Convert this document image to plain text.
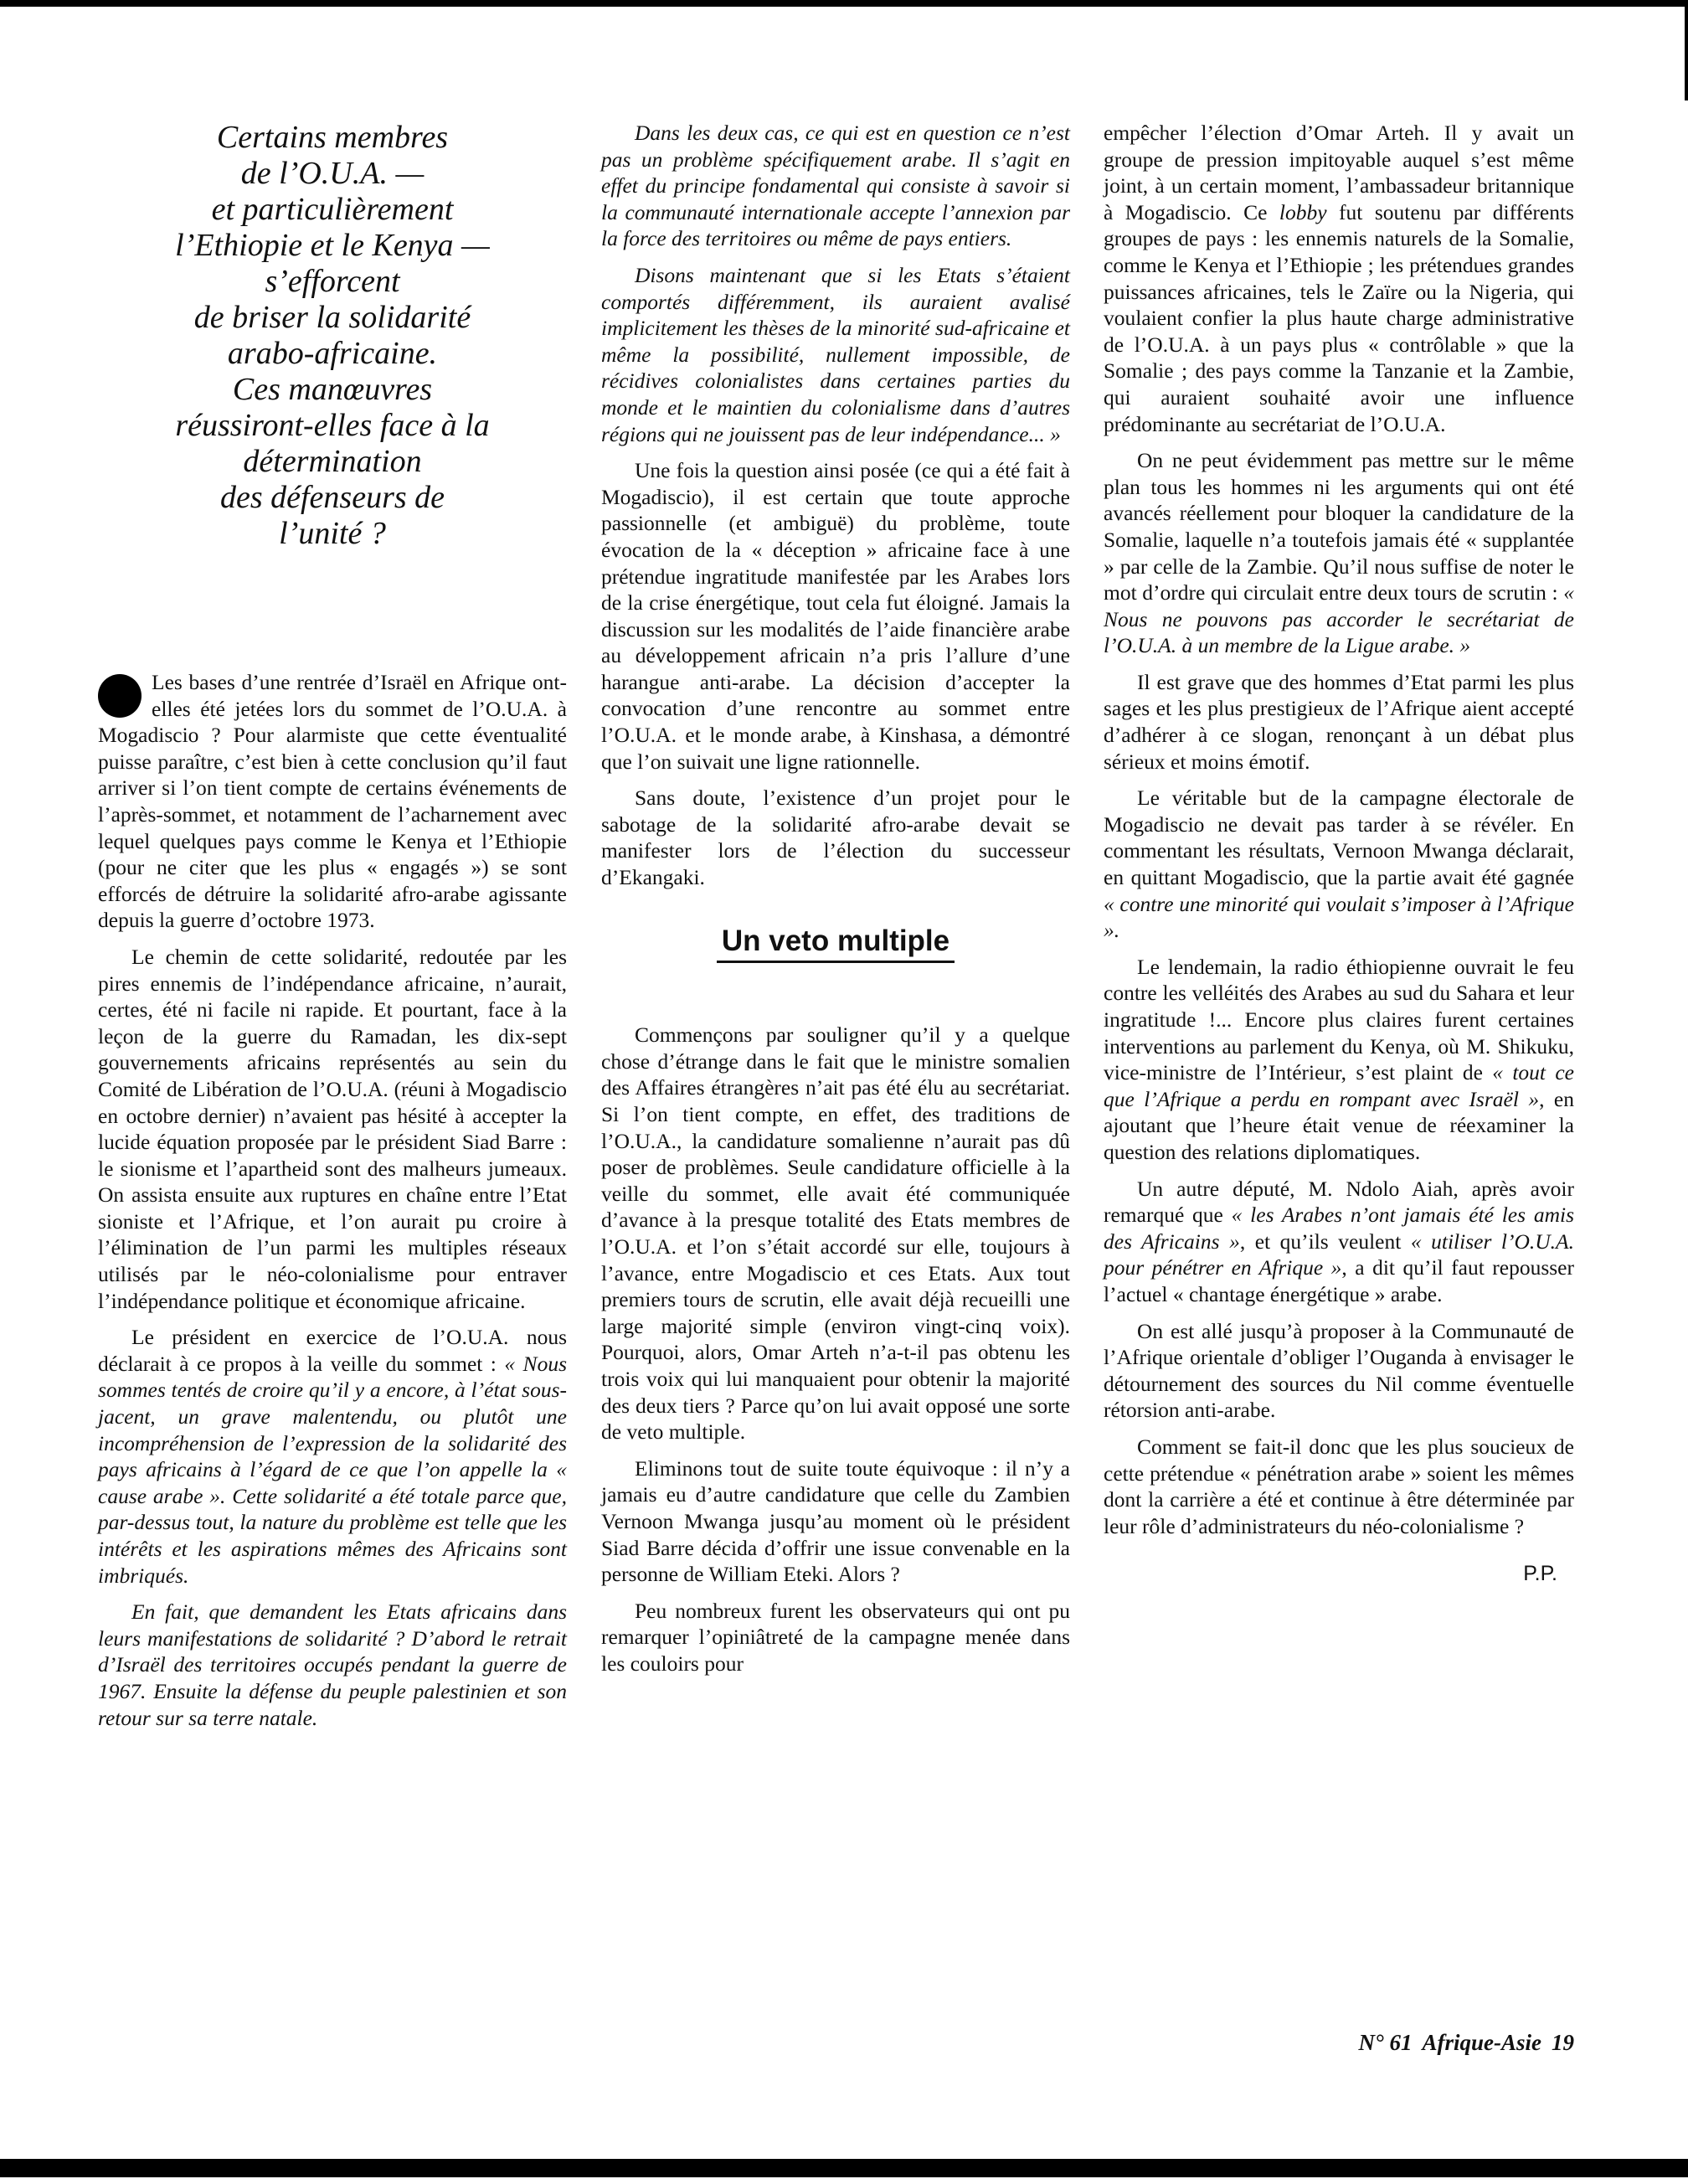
Certains membres
de l’O.U.A. —
et particulièrement
l’Ethiopie et le Kenya —
s’efforcent
de briser la solidarité
arabo-africaine.
Ces manœuvres
réussiront-elles face à la
détermination
des défenseurs de
l’unité ?

Les bases d’une rentrée d’Israël en Afrique ont-elles été jetées lors du sommet de l’O.U.A. à Mogadiscio ? Pour alarmiste que cette éventualité puisse paraître, c’est bien à cette conclusion qu’il faut arriver si l’on tient compte de certains événements de l’après-sommet, et notamment de l’acharnement avec lequel quelques pays comme le Kenya et l’Ethiopie (pour ne citer que les plus « engagés ») se sont efforcés de détruire la solidarité afro-arabe agissante depuis la guerre d’octobre 1973.

Le chemin de cette solidarité, redoutée par les pires ennemis de l’indépendance africaine, n’aurait, certes, été ni facile ni rapide. Et pourtant, face à la leçon de la guerre du Ramadan, les dix-sept gouvernements africains représentés au sein du Comité de Libération de l’O.U.A. (réuni à Mogadiscio en octobre dernier) n’avaient pas hésité à accepter la lucide équation proposée par le président Siad Barre : le sionisme et l’apartheid sont des malheurs jumeaux. On assista ensuite aux ruptures en chaîne entre l’Etat sioniste et l’Afrique, et l’on aurait pu croire à l’élimination de l’un parmi les multiples réseaux utilisés par le néo-colonialisme pour entraver l’indépendance politique et économique africaine.

Le président en exercice de l’O.U.A. nous déclarait à ce propos à la veille du sommet : « Nous sommes tentés de croire qu’il y a encore, à l’état sous-jacent, un grave malentendu, ou plutôt une incompréhension de l’expression de la solidarité des pays africains à l’égard de ce que l’on appelle la « cause arabe ». Cette solidarité a été totale parce que, par-dessus tout, la nature du problème est telle que les intérêts et les aspirations mêmes des Africains sont imbriqués.

En fait, que demandent les Etats africains dans leurs manifestations de solidarité ? D’abord le retrait d’Israël des territoires occupés pendant la guerre de 1967. Ensuite la défense du peuple palestinien et son retour sur sa terre natale.

Dans les deux cas, ce qui est en question ce n’est pas un problème spécifiquement arabe. Il s’agit en effet du principe fondamental qui consiste à savoir si la communauté internationale accepte l’annexion par la force des territoires ou même de pays entiers.

Disons maintenant que si les Etats s’étaient comportés différemment, ils auraient avalisé implicitement les thèses de la minorité sud-africaine et même la possibilité, nullement impossible, de récidives colonialistes dans certaines parties du monde et le maintien du colonialisme dans d’autres régions qui ne jouissent pas de leur indépendance... »

Une fois la question ainsi posée (ce qui a été fait à Mogadiscio), il est certain que toute approche passionnelle (et ambiguë) du problème, toute évocation de la « déception » africaine face à une prétendue ingratitude manifestée par les Arabes lors de la crise énergétique, tout cela fut éloigné. Jamais la discussion sur les modalités de l’aide financière arabe au développement africain n’a pris l’allure d’une harangue anti-arabe. La décision d’accepter la convocation d’une rencontre au sommet entre l’O.U.A. et le monde arabe, à Kinshasa, a démontré que l’on suivait une ligne rationnelle.

Sans doute, l’existence d’un projet pour le sabotage de la solidarité afro-arabe devait se manifester lors de l’élection du successeur d’Ekangaki.

Un veto multiple

Commençons par souligner qu’il y a quelque chose d’étrange dans le fait que le ministre somalien des Affaires étrangères n’ait pas été élu au secrétariat. Si l’on tient compte, en effet, des traditions de l’O.U.A., la candidature somalienne n’aurait pas dû poser de problèmes. Seule candidature officielle à la veille du sommet, elle avait été communiquée d’avance à la presque totalité des Etats membres de l’O.U.A. et l’on s’était accordé sur elle, toujours à l’avance, entre Mogadiscio et ces Etats. Aux tout premiers tours de scrutin, elle avait déjà recueilli une large majorité simple (environ vingt-cinq voix). Pourquoi, alors, Omar Arteh n’a-t-il pas obtenu les trois voix qui lui manquaient pour obtenir la majorité des deux tiers ? Parce qu’on lui avait opposé une sorte de veto multiple.

Eliminons tout de suite toute équivoque : il n’y a jamais eu d’autre candidature que celle du Zambien Vernoon Mwanga jusqu’au moment où le président Siad Barre décida d’offrir une issue convenable en la personne de William Eteki. Alors ?

Peu nombreux furent les observateurs qui ont pu remarquer l’opiniâtreté de la campagne menée dans les couloirs pour

empêcher l’élection d’Omar Arteh. Il y avait un groupe de pression impitoyable auquel s’est même joint, à un certain moment, l’ambassadeur britannique à Mogadiscio. Ce lobby fut soutenu par différents groupes de pays : les ennemis naturels de la Somalie, comme le Kenya et l’Ethiopie ; les prétendues grandes puissances africaines, tels le Zaïre ou la Nigeria, qui voulaient confier la plus haute charge administrative de l’O.U.A. à un pays plus « contrôlable » que la Somalie ; des pays comme la Tanzanie et la Zambie, qui auraient souhaité avoir une influence prédominante au secrétariat de l’O.U.A.

On ne peut évidemment pas mettre sur le même plan tous les hommes ni les arguments qui ont été avancés réellement pour bloquer la candidature de la Somalie, laquelle n’a toutefois jamais été « supplantée » par celle de la Zambie. Qu’il nous suffise de noter le mot d’ordre qui circulait entre deux tours de scrutin : « Nous ne pouvons pas accorder le secrétariat de l’O.U.A. à un membre de la Ligue arabe. »

Il est grave que des hommes d’Etat parmi les plus sages et les plus prestigieux de l’Afrique aient accepté d’adhérer à ce slogan, renonçant à un débat plus sérieux et moins émotif.

Le véritable but de la campagne électorale de Mogadiscio ne devait pas tarder à se révéler. En commentant les résultats, Vernoon Mwanga déclarait, en quittant Mogadiscio, que la partie avait été gagnée « contre une minorité qui voulait s’imposer à l’Afrique ».

Le lendemain, la radio éthiopienne ouvrait le feu contre les velléités des Arabes au sud du Sahara et leur ingratitude !... Encore plus claires furent certaines interventions au parlement du Kenya, où M. Shikuku, vice-ministre de l’Intérieur, s’est plaint de « tout ce que l’Afrique a perdu en rompant avec Israël », en ajoutant que l’heure était venue de réexaminer la question des relations diplomatiques.

Un autre député, M. Ndolo Aiah, après avoir remarqué que « les Arabes n’ont jamais été les amis des Africains », et qu’ils veulent « utiliser l’O.U.A. pour pénétrer en Afrique », a dit qu’il faut repousser l’actuel « chantage énergétique » arabe.

On est allé jusqu’à proposer à la Communauté de l’Afrique orientale d’obliger l’Ouganda à envisager le détournement des sources du Nil comme éventuelle rétorsion anti-arabe.

Comment se fait-il donc que les plus soucieux de cette prétendue « pénétration arabe » soient les mêmes dont la carrière a été et continue à être déterminée par leur rôle d’administrateurs du néo-colonialisme ?

P.P.
N° 61 Afrique-Asie 19
